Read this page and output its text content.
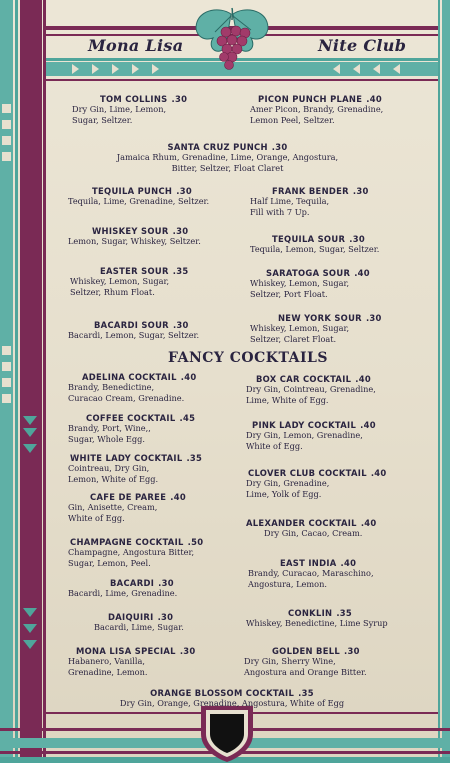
Mona Lisa	Nite Club
FANCY COCKTAILS
TOM COLLINS .30
Dry Gin, Lime, Lemon,
Sugar, Seltzer.
PICON PUNCH PLANE .40
Amer Picon, Brandy, Grenadine,
Lemon Peel, Seltzer.
SANTA CRUZ PUNCH .30
Jamaica Rhum, Grenadine, Lime, Orange, Angostura,
Bitter, Seltzer, Float Claret
TEQUILA PUNCH .30
Tequila, Lime, Grenadine, Seltzer.
FRANK BENDER .30
Half Lime, Tequila,
Fill with 7 Up.
WHISKEY SOUR .30
Lemon, Sugar, Whiskey, Seltzer.	TEQUILA SOUR .30
Tequila, Lemon, Sugar, Seltzer.
EASTER SOUR .35
Whiskey, Lemon, Sugar,
Seltzer, Rhum Float.
SARATOGA SOUR .40
Whiskey, Lemon, Sugar,
Seltzer, Port Float.
NEW YORK SOUR .30
Whiskey, Lemon, Sugar,
Seltzer, Claret Float.
BACARDI SOUR .30
Bacardi, Lemon, Sugar, Seltzer.
ADELINA COCKTAIL .40
Brandy, Benedictine,
Curacao Cream, Grenadine.
BOX CAR COCKTAIL .40
Dry Gin, Cointreau, Grenadine,
Lime, White of Egg.
COFFEE COCKTAIL .45
Brandy, Port, Wine,,
Sugar, Whole Egg.
PINK LADY COCKTAIL .40
Dry Gin, Lemon, Grenadine,
White of Egg.
WHITE LADY COCKTAIL .35
Cointreau, Dry Gin,
Lemon, White of Egg.
CLOVER CLUB COCKTAIL .40
Dry Gin, Grenadine,
Lime, Yolk of Egg.
CAFE DE PAREE .40
Gin, Anisette, Cream,
White of Egg.
ALEXANDER COCKTAIL .40
Dry Gin, Cacao, Cream.
CHAMPAGNE COCKTAIL .50
Champagne, Angostura Bitter,
Sugar, Lemon, Peel.	EAST INDIA .40
Brandy, Curacao, Maraschino,
Angostura, Lemon.
BACARDI .30
Bacardi, Lime, Grenadine.
CONKLIN .35
Whiskey, Benedictine, Lime Syrup
DAIQUIRI .30
Bacardi, Lime, Sugar.
MONA LISA SPECIAL .30
Habanero, Vanilla,
Grenadine, Lemon.
GOLDEN BELL .30
Dry Gin, Sherry Wine,
Angostura and Orange Bitter.
ORANGE BLOSSOM COCKTAIL .35
Dry Gin, Orange, Grenadine, Angostura, White of Egg
